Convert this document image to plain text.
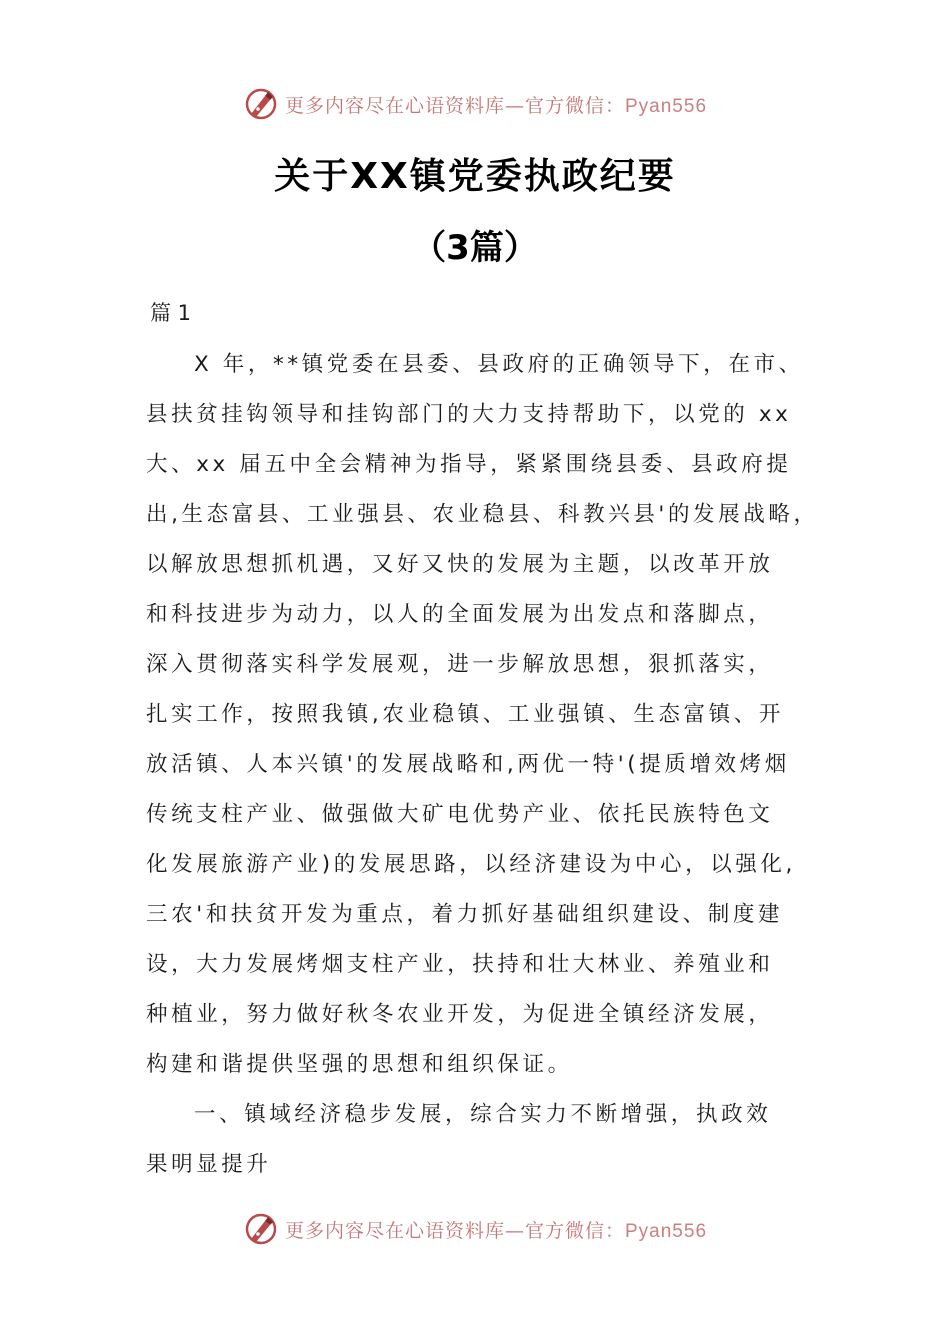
更多内容尽在心语资料库—官方微信：Pyan556
关于XX镇党委执政纪要
（3篇）
篇 1
X 年，**镇党委在县委、县政府的正确领导下，在市、
县扶贫挂钩领导和挂钩部门的大力支持帮助下，以党的 xx
大、xx 届五中全会精神为指导，紧紧围绕县委、县政府提
出,生态富县、工业强县、农业稳县、科教兴县'的发展战略，
以解放思想抓机遇，又好又快的发展为主题，以改革开放
和科技进步为动力，以人的全面发展为出发点和落脚点，
深入贯彻落实科学发展观，进一步解放思想，狠抓落实，
扎实工作，按照我镇,农业稳镇、工业强镇、生态富镇、开
放活镇、人本兴镇'的发展战略和,两优一特'(提质增效烤烟
传统支柱产业、做强做大矿电优势产业、依托民族特色文
化发展旅游产业)的发展思路，以经济建设为中心，以强化,
三农'和扶贫开发为重点，着力抓好基础组织建设、制度建
设，大力发展烤烟支柱产业，扶持和壮大林业、养殖业和
种植业，努力做好秋冬农业开发，为促进全镇经济发展，
构建和谐提供坚强的思想和组织保证。
一、镇域经济稳步发展，综合实力不断增强，执政效
果明显提升
更多内容尽在心语资料库—官方微信：Pyan556
